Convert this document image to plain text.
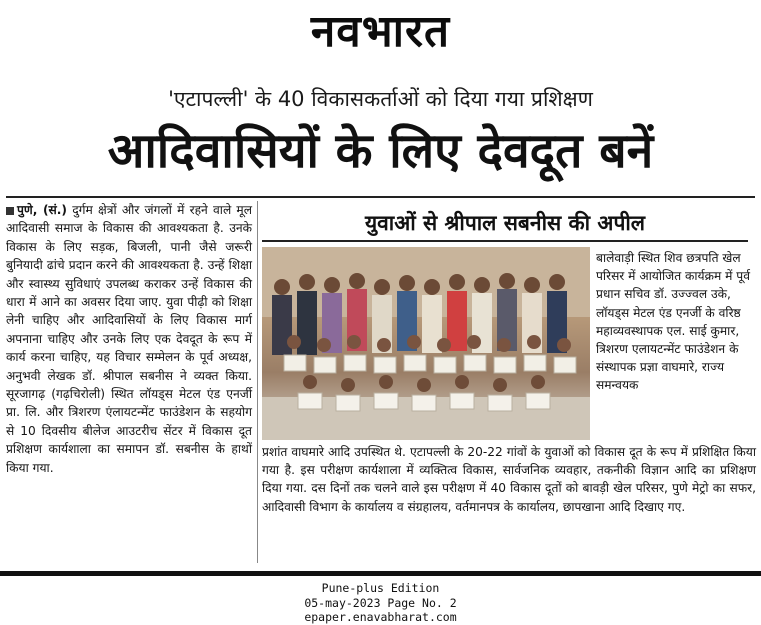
नवभारत
'एटापल्ली' के 40 विकासकर्ताओं को दिया गया प्रशिक्षण
आदिवासियों के लिए देवदूत बनें
पुणे, (सं.) दुर्गम क्षेत्रों और जंगलों में रहने वाले मूल आदिवासी समाज के विकास की आवश्यकता है. उनके विकास के लिए सड़क, बिजली, पानी जैसे जरूरी बुनियादी ढांचे प्रदान करने की आवश्यकता है. उन्हें शिक्षा और स्वास्थ्य सुविधाएं उपलब्ध कराकर उन्हें विकास की धारा में आने का अवसर दिया जाए. युवा पीढ़ी को शिक्षा लेनी चाहिए और आदिवासियों के लिए विकास मार्ग अपनाना चाहिए और उनके लिए एक देवदूत के रूप में कार्य करना चाहिए, यह विचार सम्मेलन के पूर्व अध्यक्ष, अनुभवी लेखक डॉ. श्रीपाल सबनीस ने व्यक्त किया. सूरजागढ़ (गढ़चिरोली) स्थित लॉयड्स मेटल एंड एनर्जी प्रा. लि. और त्रिशरण एंलायटन्मेंट फाउंडेशन के सहयोग से 10 दिवसीय बीलेज आउटरीच सेंटर में विकास दूत प्रशिक्षण कार्यशाला का समापन डॉ. सबनीस के हाथों किया गया.
युवाओं से श्रीपाल सबनीस की अपील
बालेवाड़ी स्थित शिव छत्रपति खेल परिसर में आयोजित कार्यक्रम में पूर्व प्रधान सचिव डॉ. उज्ज्वल उके, लॉयड्स मेटल एंड एनर्जी के वरिष्ठ महाव्यवस्थापक एल. साई कुमार, त्रिशरण एलायटन्मेंट फाउंडेशन के संस्थापक प्रज्ञा वाघमारे, राज्य समन्वयक
प्रशांत वाघमारे आदि उपस्थित थे. एटापल्ली के 20-22 गांवों के युवाओं को विकास दूत के रूप में प्रशिक्षित किया गया है. इस परीक्षण कार्यशाला में व्यक्तित्व विकास, सार्वजनिक व्यवहार, तकनीकी विज्ञान आदि का प्रशिक्षण दिया गया. दस दिनों तक चलने वाले इस परीक्षण में 40 विकास दूतों को बावड़ी खेल परिसर, पुणे मेट्रो का सफर, आदिवासी विभाग के कार्यालय व संग्रहालय, वर्तमानपत्र के कार्यालय, छापखाना आदि दिखाए गए.
Pune-plus Edition
05-may-2023 Page No. 2
epaper.enavabharat.com
